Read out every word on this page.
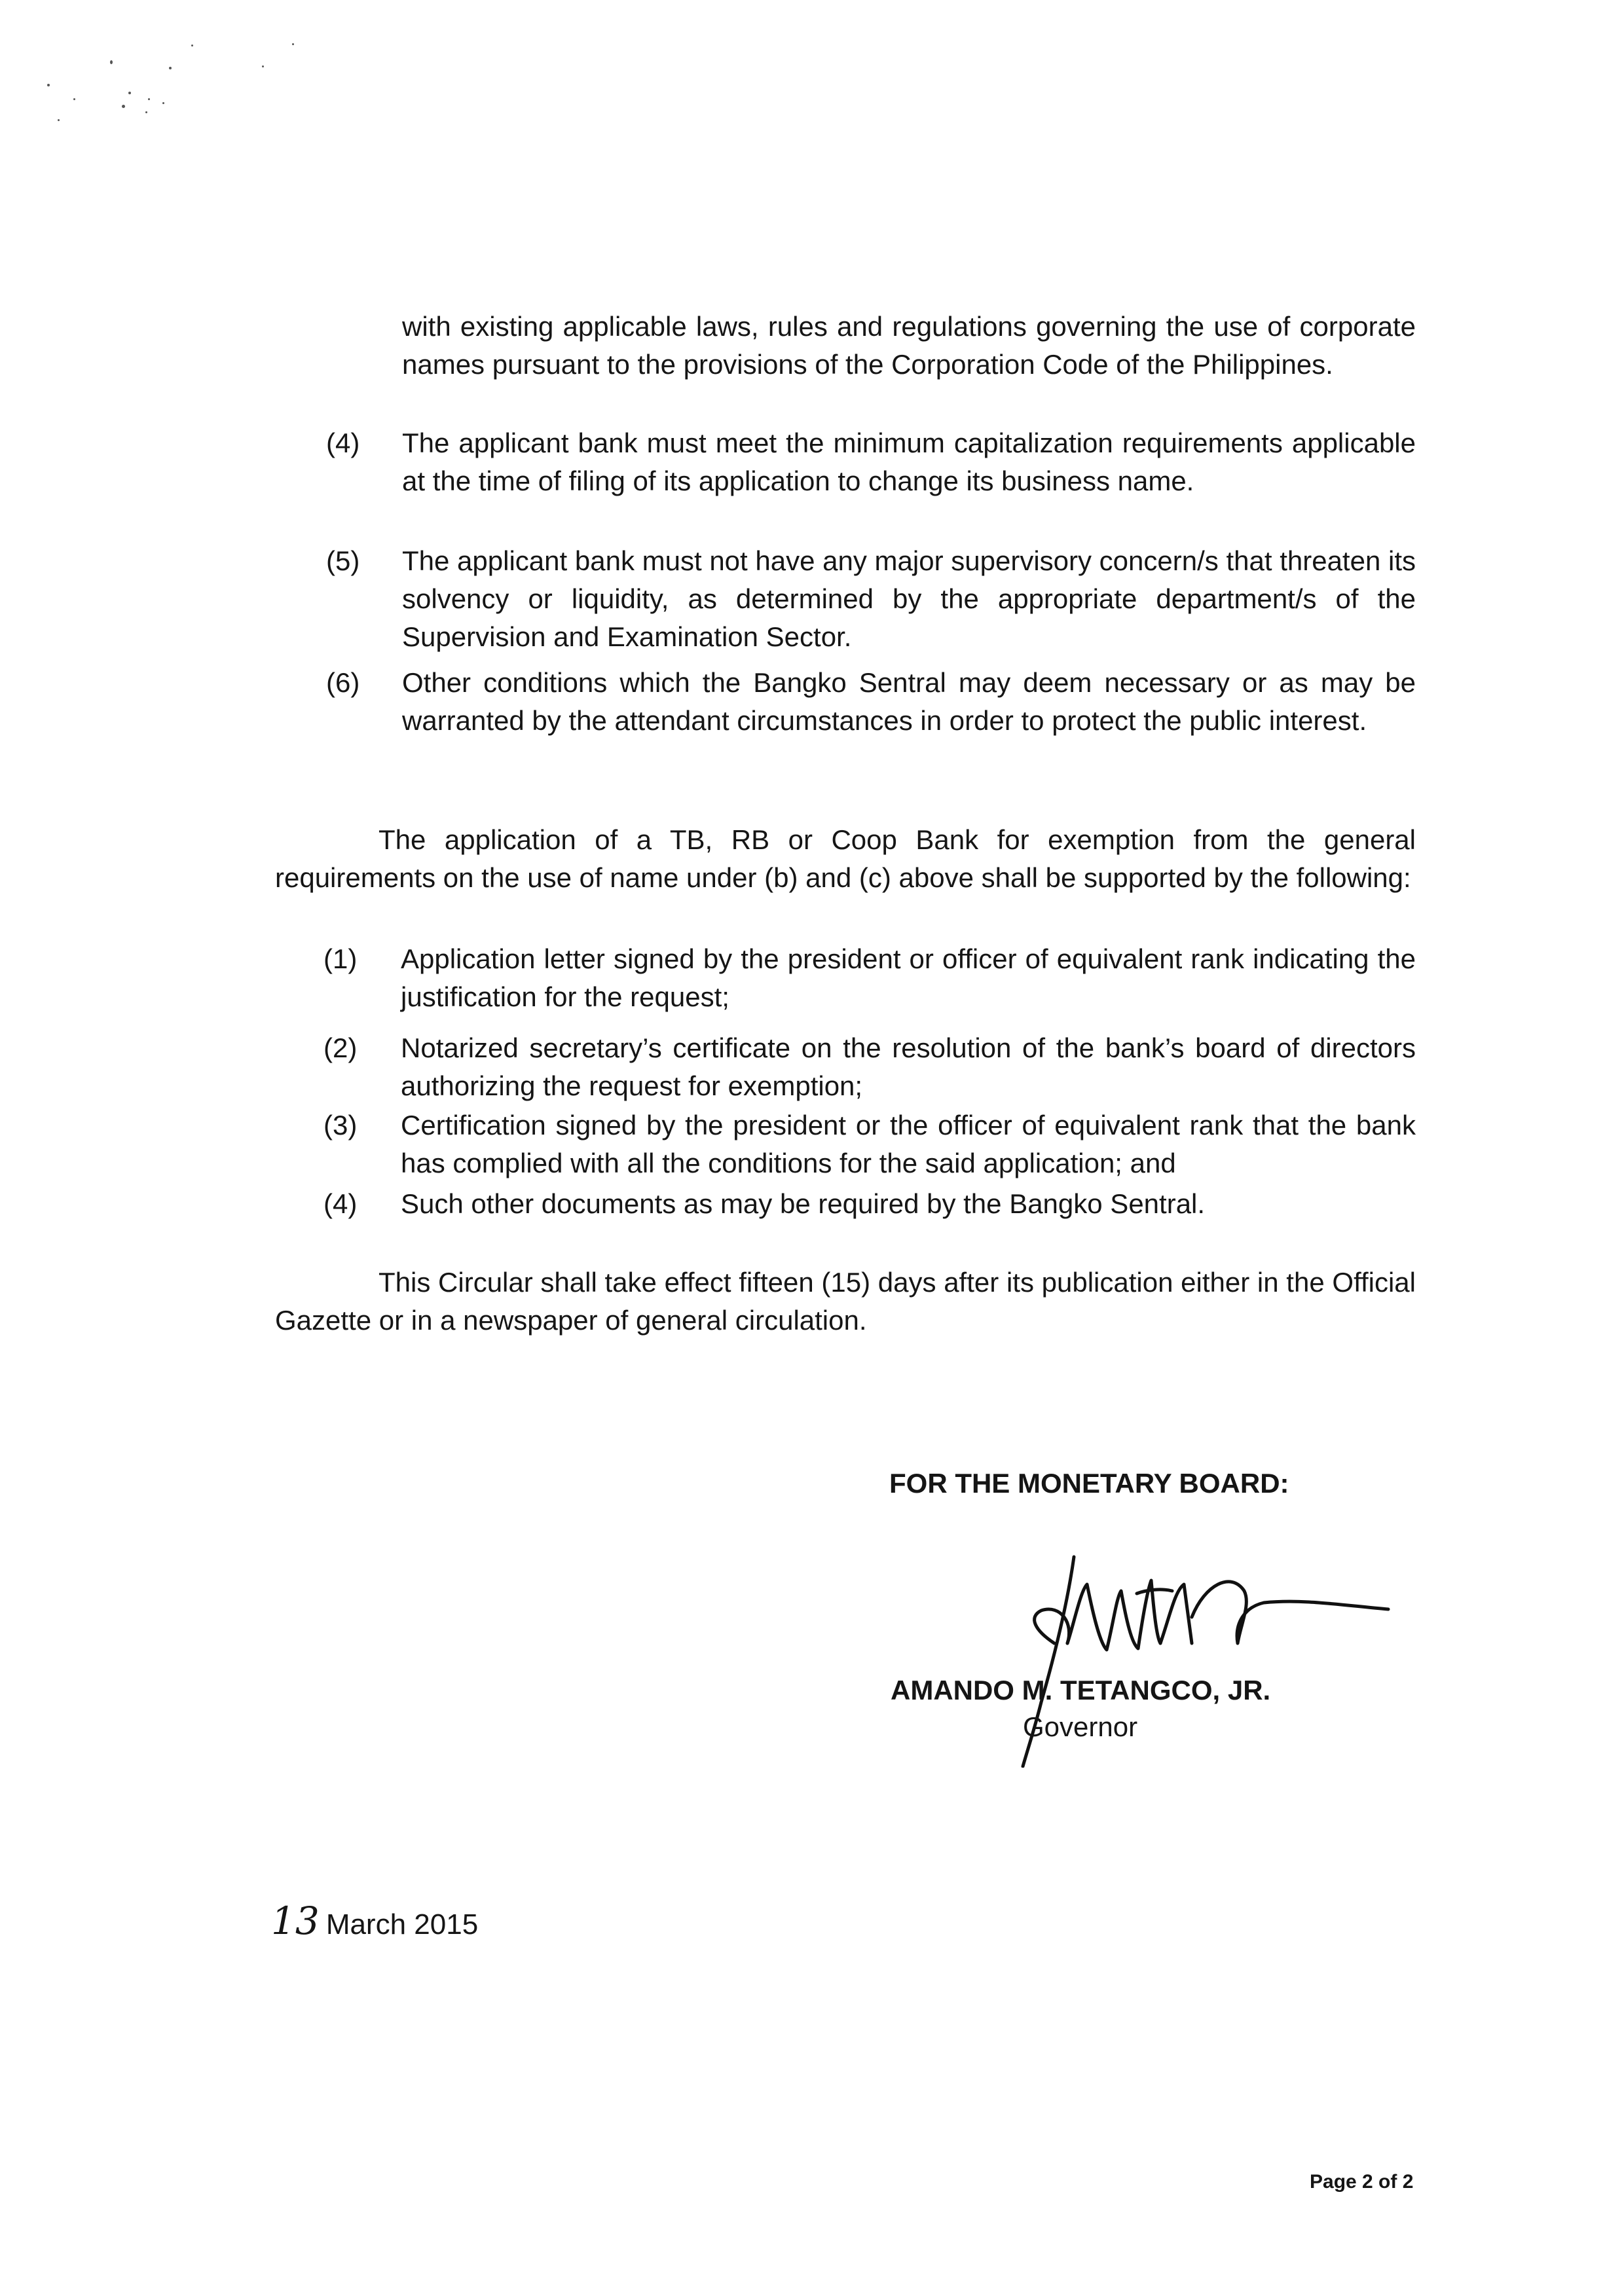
with existing applicable laws, rules and regulations governing the use of corporate names pursuant to the provisions of the Corporation Code of the Philippines.
(4) The applicant bank must meet the minimum capitalization requirements applicable at the time of filing of its application to change its business name.
(5) The applicant bank must not have any major supervisory concern/s that threaten its solvency or liquidity, as determined by the appropriate department/s of the Supervision and Examination Sector.
(6) Other conditions which the Bangko Sentral may deem necessary or as may be warranted by the attendant circumstances in order to protect the public interest.
The application of a TB, RB or Coop Bank for exemption from the general requirements on the use of name under (b) and (c) above shall be supported by the following:
(1) Application letter signed by the president or officer of equivalent rank indicating the justification for the request;
(2) Notarized secretary’s certificate on the resolution of the bank’s board of directors authorizing the request for exemption;
(3) Certification signed by the president or the officer of equivalent rank that the bank has complied with all the conditions for the said application; and
(4) Such other documents as may be required by the Bangko Sentral.
This Circular shall take effect fifteen (15) days after its publication either in the Official Gazette or in a newspaper of general circulation.
FOR THE MONETARY BOARD:
AMANDO M. TETANGCO, JR.
Governor
13 March 2015
Page 2 of 2
